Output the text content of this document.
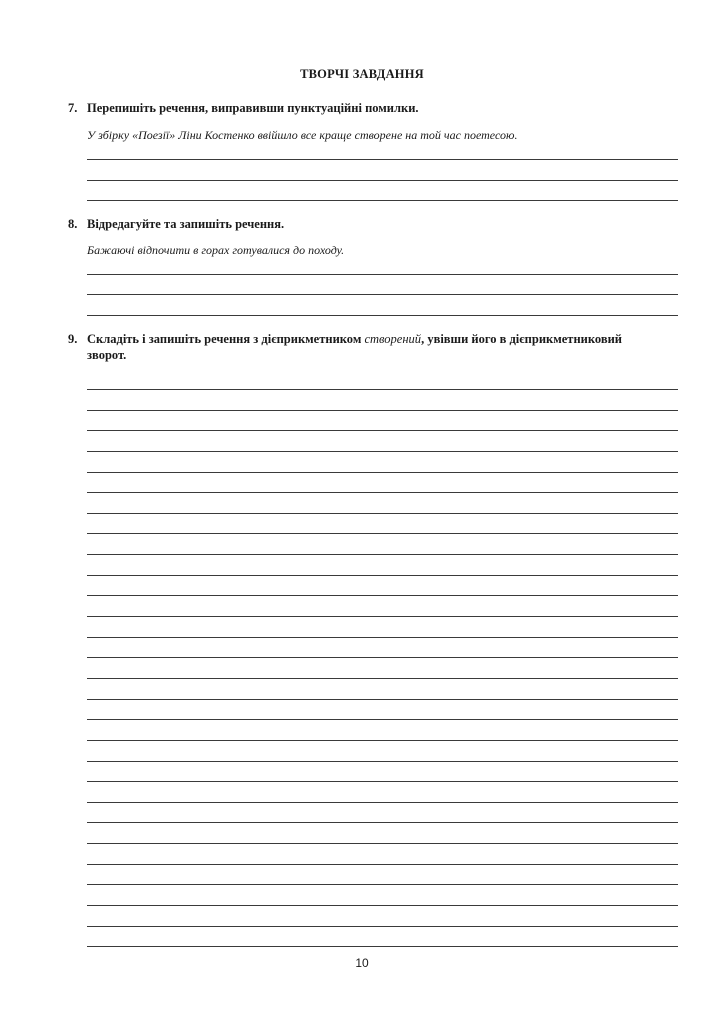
ТВОРЧІ ЗАВДАННЯ
7. Перепишіть речення, виправивши пунктуаційні помилки.
У збірку «Поезії» Ліни Костенко ввійшло все краще створене на той час поетесою.
8. Відредагуйте та запишіть речення.
Бажаючі відпочити в горах готувалися до походу.
9. Складіть і запишіть речення з дієприкметником створений, увівши його в дієприкметниковий
зворот.
10
